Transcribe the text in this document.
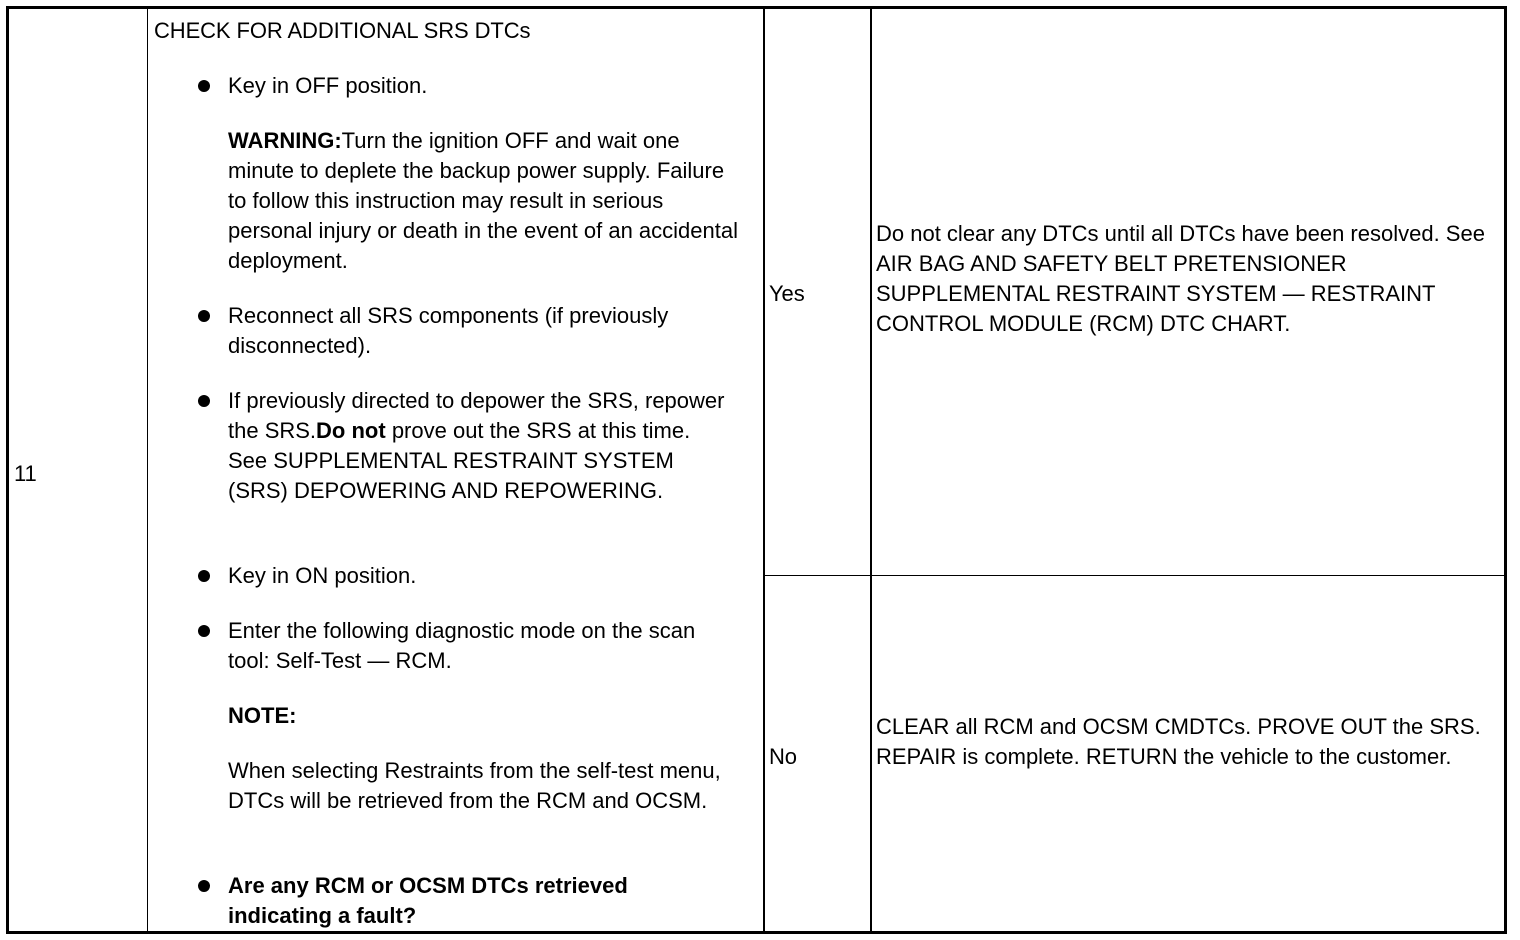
11
CHECK FOR ADDITIONAL SRS DTCs
Key in OFF position.
WARNING:Turn the ignition OFF and wait one minute to deplete the backup power supply. Failure to follow this instruction may result in serious personal injury or death in the event of an accidental deployment.
Reconnect all SRS components (if previously disconnected).
If previously directed to depower the SRS, repower the SRS.Do not prove out the SRS at this time. See SUPPLEMENTAL RESTRAINT SYSTEM (SRS) DEPOWERING AND REPOWERING.
Key in ON position.
Enter the following diagnostic mode on the scan tool: Self-Test — RCM.
NOTE:
When selecting Restraints from the self-test menu, DTCs will be retrieved from the RCM and OCSM.
Are any RCM or OCSM DTCs retrieved indicating a fault?
Yes
Do not clear any DTCs until all DTCs have been resolved. See AIR BAG AND SAFETY BELT PRETENSIONER SUPPLEMENTAL RESTRAINT SYSTEM — RESTRAINT CONTROL MODULE (RCM) DTC CHART.
No
CLEAR all RCM and OCSM CMDTCs. PROVE OUT the SRS. REPAIR is complete. RETURN the vehicle to the customer.
